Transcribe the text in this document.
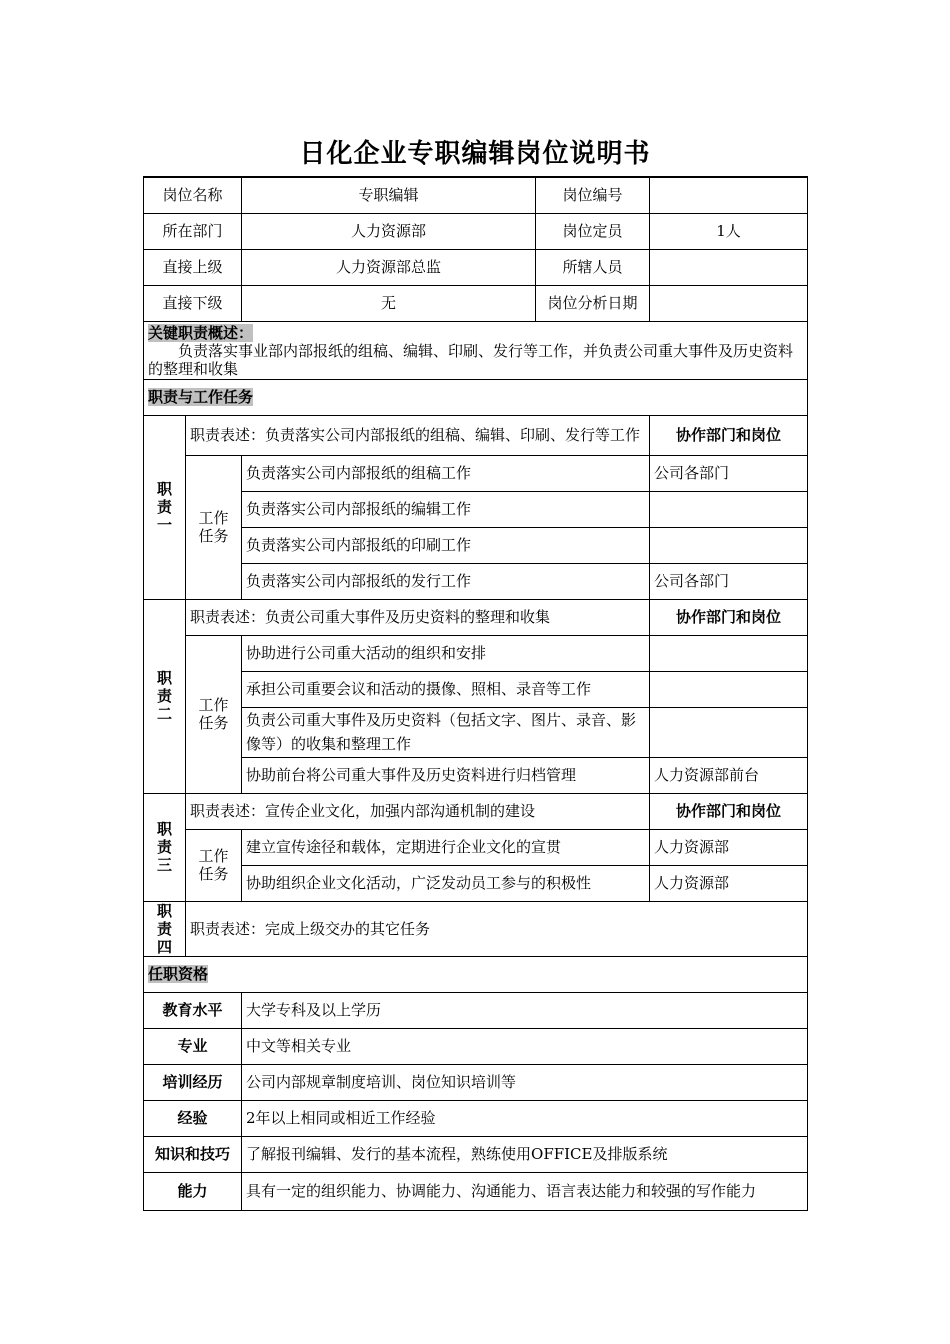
日化企业专职编辑岗位说明书
岗位名称		专职编辑	岗位编号	
所在部门		人力资源部	岗位定员	1人
直接上级		人力资源部总监	所辖人员	
直接下级		无	岗位分析日期	

关键职责概述：
负责落实事业部内部报纸的组稿、编辑、印刷、发行等工作，并负责公司重大事件及历史资料的整理和收集				

职责与工作任务				
职
责
一	职责表述：负责落实公司内部报纸的组稿、编辑、印刷、发行等工作			协作部门和岗位
	工作
任务	负责落实公司内部报纸的组稿工作		公司各部门
		负责落实公司内部报纸的编辑工作		
		负责落实公司内部报纸的印刷工作		
		负责落实公司内部报纸的发行工作		公司各部门
职
责
二	职责表述：负责公司重大事件及历史资料的整理和收集			协作部门和岗位
	工作
任务	协助进行公司重大活动的组织和安排		
		承担公司重要会议和活动的摄像、照相、录音等工作		
		负责公司重大事件及历史资料（包括文字、图片、录音、影像等）的收集和整理工作		
		协助前台将公司重大事件及历史资料进行归档管理		人力资源部前台
职
责
三	职责表述：宣传企业文化，加强内部沟通机制的建设			协作部门和岗位
	工作
任务	建立宣传途径和载体，定期进行企业文化的宣贯		人力资源部
		协助组织企业文化活动，广泛发动员工参与的积极性		人力资源部
职
责
四	职责表述：完成上级交办的其它任务			
任职资格				
教育水平		大学专科及以上学历		
专业		中文等相关专业		
培训经历		公司内部规章制度培训、岗位知识培训等		
经验		2年以上相同或相近工作经验		
知识和技巧		了解报刊编辑、发行的基本流程，熟练使用OFFICE及排版系统		
能力		具有一定的组织能力、协调能力、沟通能力、语言表达能力和较强的写作能力		
